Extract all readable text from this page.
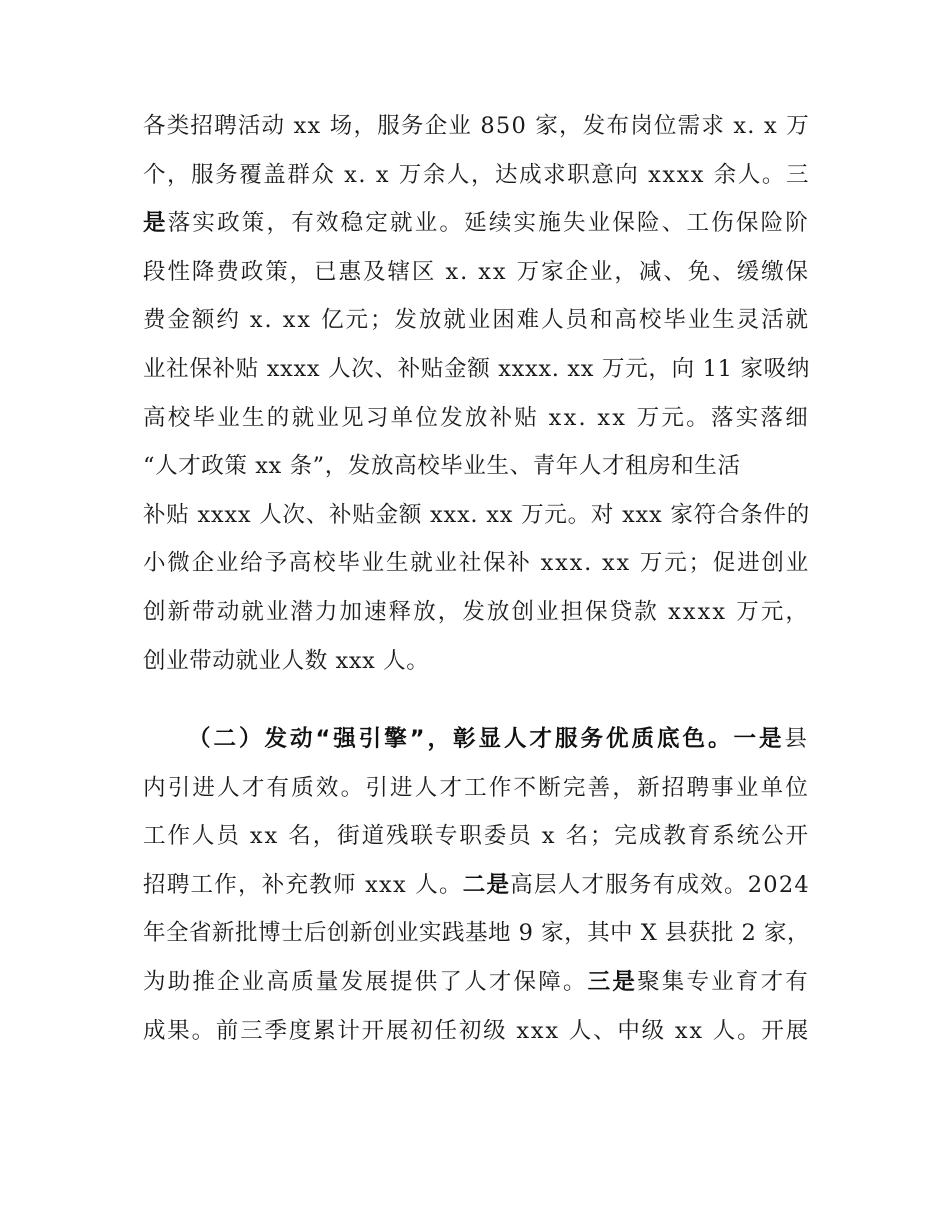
各类招聘活动 xx 场，服务企业 850 家，发布岗位需求 x. x 万
个，服务覆盖群众 x. x 万余人，达成求职意向 xxxx 余人。三
是落实政策，有效稳定就业。延续实施失业保险、工伤保险阶
段性降费政策，已惠及辖区 x. xx 万家企业，减、免、缓缴保
费金额约 x. xx 亿元；发放就业困难人员和高校毕业生灵活就
业社保补贴 xxxx 人次、补贴金额 xxxx. xx 万元，向 11 家吸纳
高校毕业生的就业见习单位发放补贴 xx. xx 万元。落实落细
“人才政策 xx 条”，发放高校毕业生、青年人才租房和生活
补贴 xxxx 人次、补贴金额 xxx. xx 万元。对 xxx 家符合条件的
小微企业给予高校毕业生就业社保补 xxx. xx 万元；促进创业
创新带动就业潜力加速释放，发放创业担保贷款 xxxx 万元，
创业带动就业人数 xxx 人。
（二）发动“强引擎”，彰显人才服务优质底色。一是县
内引进人才有质效。引进人才工作不断完善，新招聘事业单位
工作人员 xx 名，街道残联专职委员 x 名；完成教育系统公开
招聘工作，补充教师 xxx 人。二是高层人才服务有成效。2024
年全省新批博士后创新创业实践基地 9 家，其中 X 县获批 2 家，
为助推企业高质量发展提供了人才保障。三是聚集专业育才有
成果。前三季度累计开展初任初级 xxx 人、中级 xx 人。开展
